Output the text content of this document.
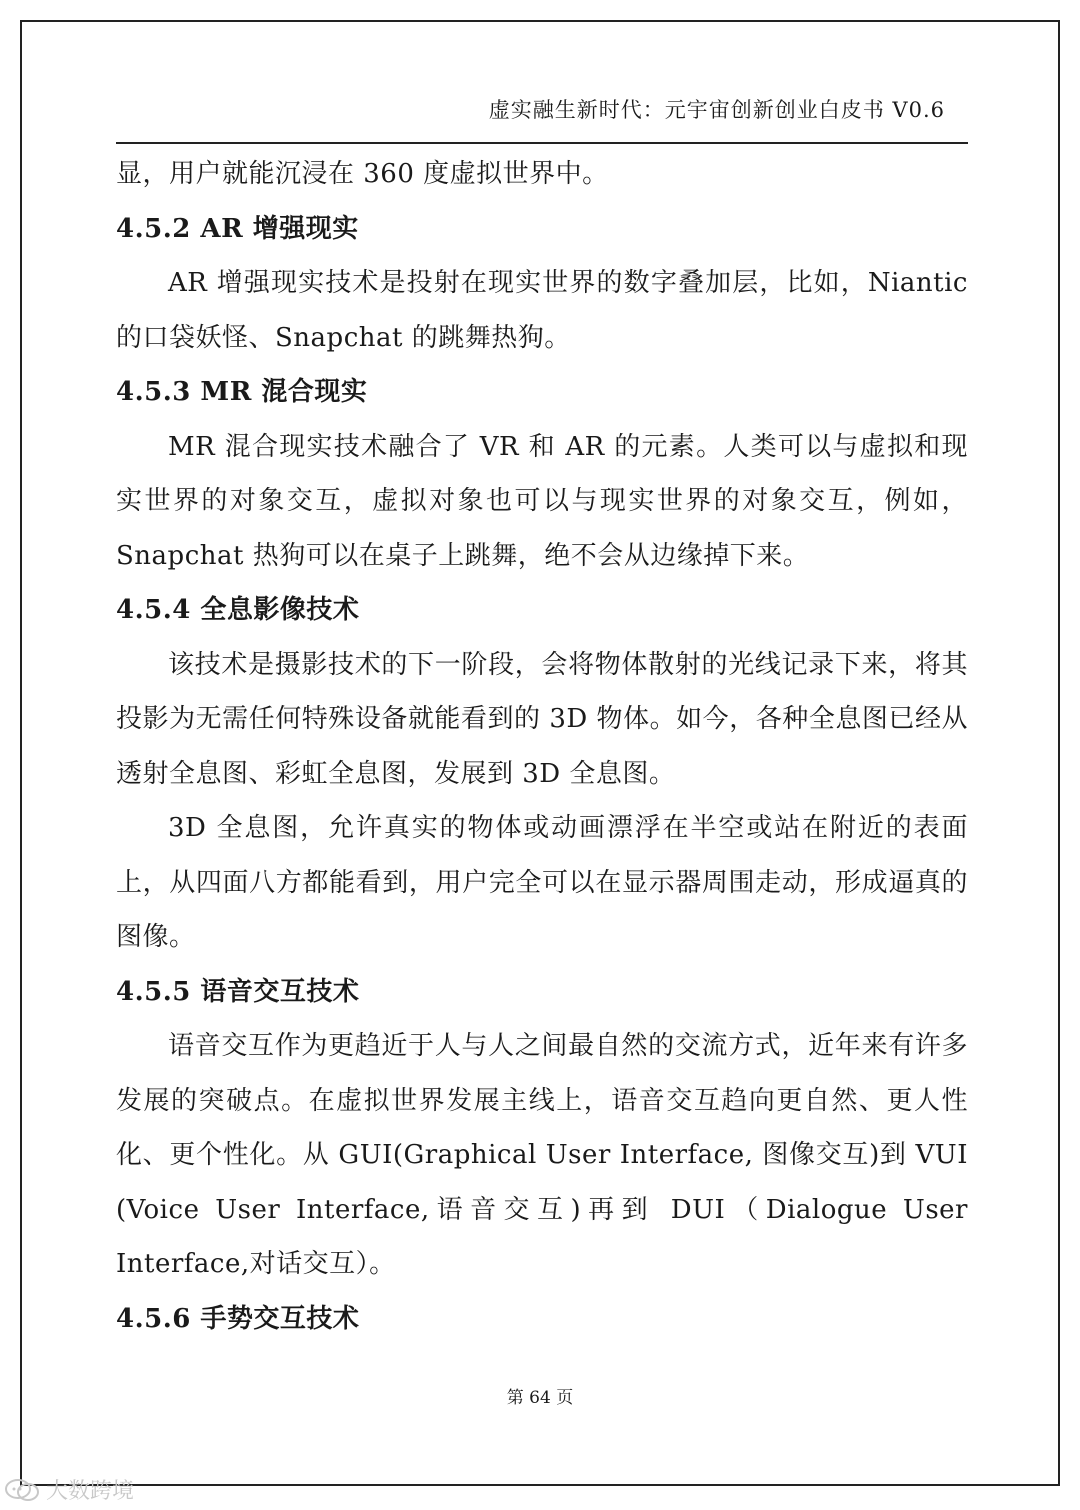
虚实融生新时代：元宇宙创新创业白皮书 V0.6

显，用户就能沉浸在 360 度虚拟世界中。

4.5.2 AR 增强现实

AR 增强现实技术是投射在现实世界的数字叠加层，比如，Niantic 的口袋妖怪、Snapchat 的跳舞热狗。

4.5.3 MR 混合现实

MR 混合现实技术融合了 VR 和 AR 的元素。人类可以与虚拟和现实世界的对象交互，虚拟对象也可以与现实世界的对象交互，例如，Snapchat 热狗可以在桌子上跳舞，绝不会从边缘掉下来。

4.5.4 全息影像技术

该技术是摄影技术的下一阶段，会将物体散射的光线记录下来，将其投影为无需任何特殊设备就能看到的 3D 物体。如今，各种全息图已经从透射全息图、彩虹全息图，发展到 3D 全息图。

3D 全息图，允许真实的物体或动画漂浮在半空或站在附近的表面上，从四面八方都能看到，用户完全可以在显示器周围走动，形成逼真的图像。

4.5.5 语音交互技术

语音交互作为更趋近于人与人之间最自然的交流方式，近年来有许多发展的突破点。在虚拟世界发展主线上，语音交互趋向更自然、更人性化、更个性化。从 GUI(Graphical User Interface, 图像交互)到 VUI (Voice User Interface,语音交互)再到 DUI（Dialogue User Interface,对话交互）。

4.5.6 手势交互技术
第 64 页
大数跨境
